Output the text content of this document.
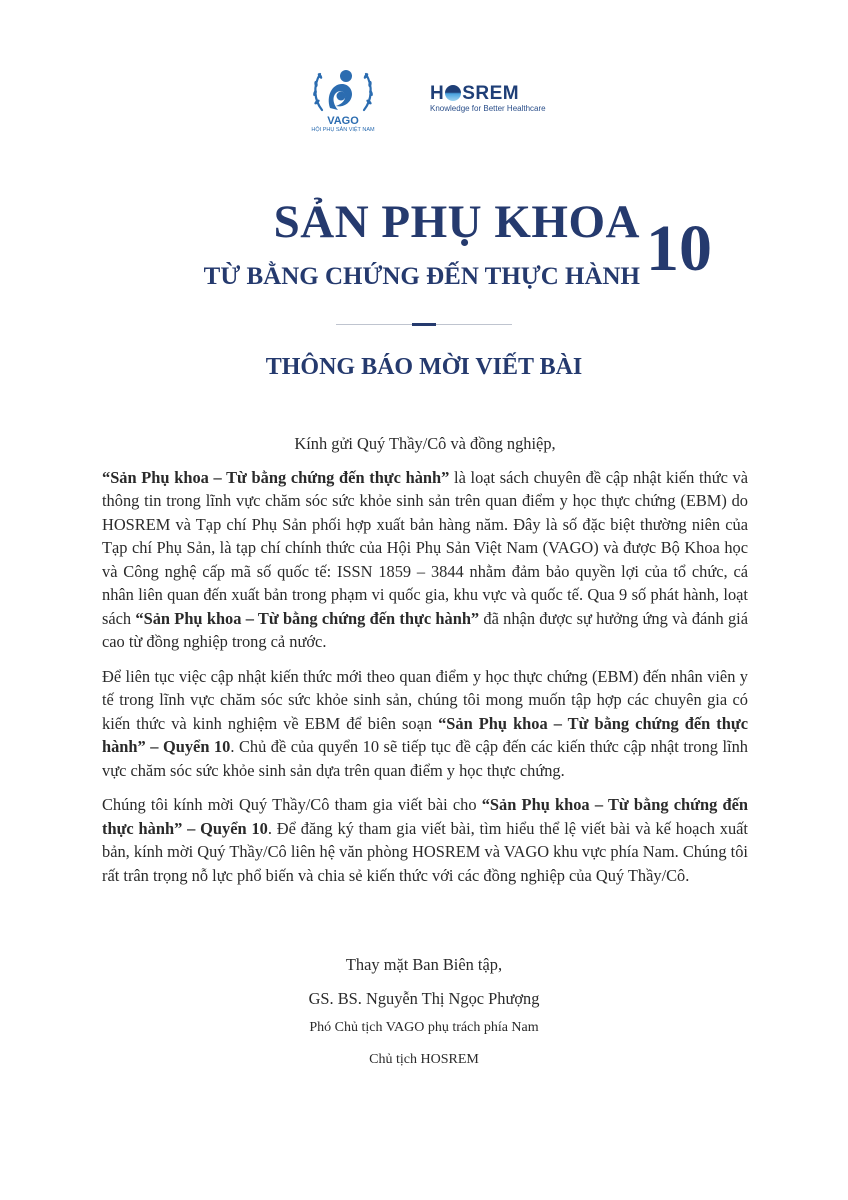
VAGO
HỘI PHỤ SẢN VIỆT NAM
H SREM
Knowledge for Better Healthcare
SẢN PHỤ KHOA
TỪ BẰNG CHỨNG ĐẾN THỰC HÀNH 10
THÔNG BÁO MỜI VIẾT BÀI

Kính gửi Quý Thầy/Cô và đồng nghiệp,

“Sản Phụ khoa – Từ bằng chứng đến thực hành” là loạt sách chuyên đề cập nhật kiến thức và thông tin trong lĩnh vực chăm sóc sức khỏe sinh sản trên quan điểm y học thực chứng (EBM) do HOSREM và Tạp chí Phụ Sản phối hợp xuất bản hàng năm. Đây là số đặc biệt thường niên của Tạp chí Phụ Sản, là tạp chí chính thức của Hội Phụ Sản Việt Nam (VAGO) và được Bộ Khoa học và Công nghệ cấp mã số quốc tế: ISSN 1859 – 3844 nhằm đảm bảo quyền lợi của tổ chức, cá nhân liên quan đến xuất bản trong phạm vi quốc gia, khu vực và quốc tế. Qua 9 số phát hành, loạt sách “Sản Phụ khoa – Từ bằng chứng đến thực hành” đã nhận được sự hưởng ứng và đánh giá cao từ đồng nghiệp trong cả nước.

Để liên tục việc cập nhật kiến thức mới theo quan điểm y học thực chứng (EBM) đến nhân viên y tế trong lĩnh vực chăm sóc sức khỏe sinh sản, chúng tôi mong muốn tập hợp các chuyên gia có kiến thức và kinh nghiệm về EBM để biên soạn “Sản Phụ khoa – Từ bằng chứng đến thực hành” – Quyển 10. Chủ đề của quyển 10 sẽ tiếp tục đề cập đến các kiến thức cập nhật trong lĩnh vực chăm sóc sức khỏe sinh sản dựa trên quan điểm y học thực chứng.

Chúng tôi kính mời Quý Thầy/Cô tham gia viết bài cho “Sản Phụ khoa – Từ bằng chứng đến thực hành” – Quyển 10. Để đăng ký tham gia viết bài, tìm hiểu thể lệ viết bài và kế hoạch xuất bản, kính mời Quý Thầy/Cô liên hệ văn phòng HOSREM và VAGO khu vực phía Nam. Chúng tôi rất trân trọng nỗ lực phổ biến và chia sẻ kiến thức với các đồng nghiệp của Quý Thầy/Cô.

Thay mặt Ban Biên tập,
GS. BS. Nguyễn Thị Ngọc Phượng
Phó Chủ tịch VAGO phụ trách phía Nam
Chủ tịch HOSREM
